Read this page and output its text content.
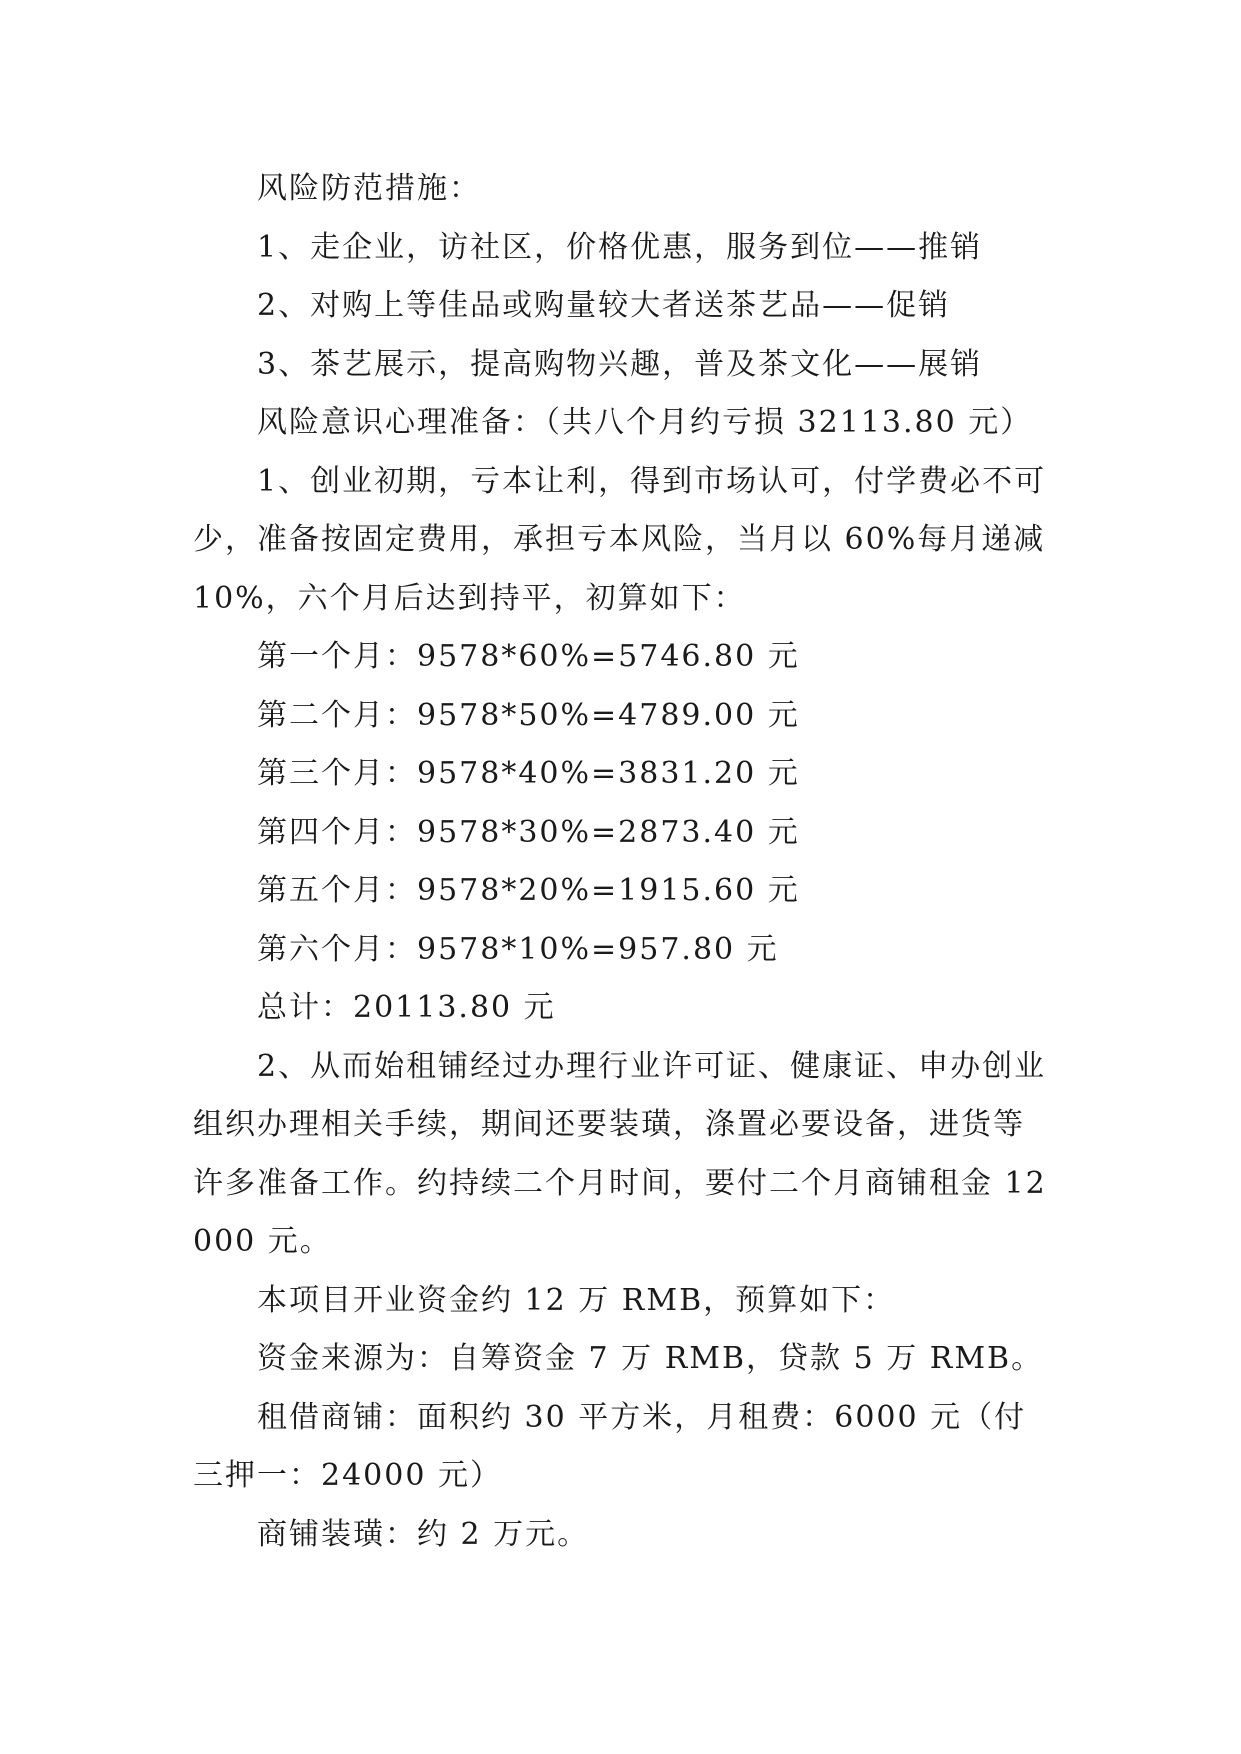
风险防范措施：

1、走企业，访社区，价格优惠，服务到位——推销

2、对购上等佳品或购量较大者送茶艺品——促销

3、茶艺展示，提高购物兴趣，普及茶文化——展销

风险意识心理准备：（共八个月约亏损 32113.80 元）

1、创业初期，亏本让利，得到市场认可，付学费必不可少，准备按固定费用，承担亏本风险，当月以 60%每月递减 10%，六个月后达到持平，初算如下：

第一个月：9578*60%=5746.80 元

第二个月：9578*50%=4789.00 元

第三个月：9578*40%=3831.20 元

第四个月：9578*30%=2873.40 元

第五个月：9578*20%=1915.60 元

第六个月：9578*10%=957.80 元

总计：20113.80 元

2、从而始租铺经过办理行业许可证、健康证、申办创业组织办理相关手续，期间还要装璜，涤置必要设备，进货等许多准备工作。约持续二个月时间，要付二个月商铺租金 12000 元。

本项目开业资金约 12 万 RMB，预算如下：

资金来源为：自筹资金 7 万 RMB，贷款 5 万 RMB。

租借商铺：面积约 30 平方米，月租费：6000 元（付三押一：24000 元）

商铺装璜：约 2 万元。
